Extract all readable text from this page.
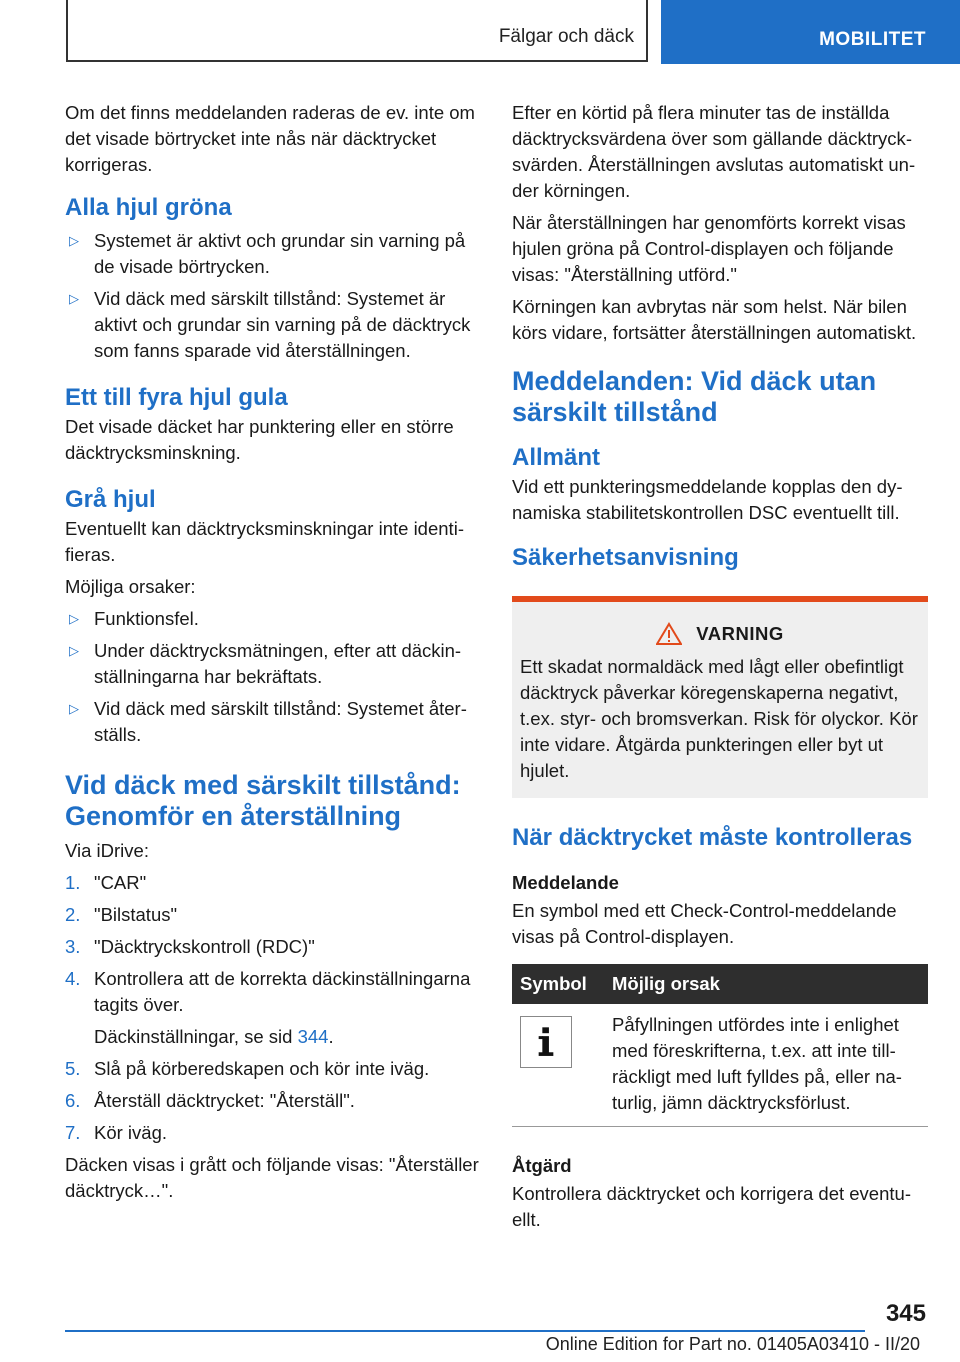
Fälgar och däck	MOBILITET

Om det finns meddelanden raderas de ev. inte om det visade börtrycket inte nås när däcktrycket korrigeras.

Alla hjul gröna
▷ Systemet är aktivt och grundar sin varning på de visade börtrycken.
▷ Vid däck med särskilt tillstånd: Systemet är aktivt och grundar sin varning på de däcktryck som fanns sparade vid återställningen.
Ett till fyra hjul gula

Det visade däcket har punktering eller en större däcktrycksminskning.

Grå hjul

Eventuellt kan däcktrycksminskningar inte identifieras.

Möjliga orsaker:

▷ Funktionsfel.
▷ Under däcktrycksmätningen, efter att däckinställningarna har bekräftats.
▷ Vid däck med särskilt tillstånd: Systemet återställs.
Vid däck med särskilt tillstånd: Genomför en återställning

Via iDrive:

1. "CAR"
2. "Bilstatus"
3. "Däcktryckskontroll (RDC)"
4. Kontrollera att de korrekta däckinställningarna tagits över.
Däckinställningar, se sid 344.
5. Slå på körberedskapen och kör inte iväg.
6. Återställ däcktrycket: "Återställ".
7. Kör iväg.

Däcken visas i grått och följande visas: "Återställer däcktryck…".

Efter en körtid på flera minuter tas de inställda däcktrycksvärdena över som gällande däcktrycksvärden. Återställningen avslutas automatiskt under körningen.

När återställningen har genomförts korrekt visas hjulen gröna på Control-displayen och följande visas: "Återställning utförd."

Körningen kan avbrytas när som helst. När bilen körs vidare, fortsätter återställningen automatiskt.

Meddelanden: Vid däck utan särskilt tillstånd
Allmänt

Vid ett punkteringsmeddelande kopplas den dynamiska stabilitetskontrollen DSC eventuellt till.

Säkerhetsanvisning
VARNING

Ett skadat normaldäck med lågt eller obefintligt däcktryck påverkar köregenskaperna negativt, t.ex. styr- och bromsverkan. Risk för olyckor. Kör inte vidare. Åtgärda punkteringen eller byt ut hjulet.

När däcktrycket måste kontrolleras
Meddelande

En symbol med ett Check-Control-meddelande visas på Control-displayen.

Symbol	Möjlig orsak

	Påfyllningen utfördes inte i enlighet med föreskrifterna, t.ex. att inte tillräckligt med luft fylldes på, eller naturlig, jämn däcktrycksförlust.
Åtgärd

Kontrollera däcktrycket och korrigera det eventuellt.

345
Online Edition for Part no. 01405A03410 - II/20
